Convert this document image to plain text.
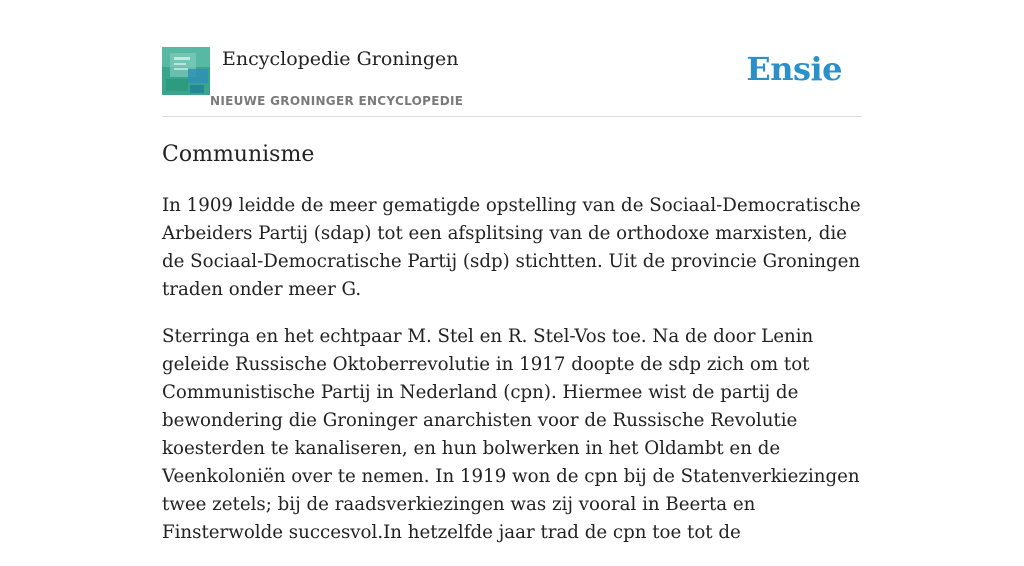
Encyclopedie Groningen
NIEUWE GRONINGER ENCYCLOPEDIE
Ensie
Communisme

In 1909 leidde de meer gematigde opstelling van de Sociaal-Democratische Arbeiders Partij (sdap) tot een afsplitsing van de orthodoxe marxisten, die de Sociaal-Democratische Partij (sdp) stichtten. Uit de provincie Groningen traden onder meer G.

Sterringa en het echtpaar M. Stel en R. Stel-Vos toe. Na de door Lenin geleide Russische Oktoberrevolutie in 1917 doopte de sdp zich om tot Communistische Partij in Nederland (cpn). Hiermee wist de partij de bewondering die Groninger anarchisten voor de Russische Revolutie koesterden te kanaliseren, en hun bolwerken in het Oldambt en de Veenkoloniën over te nemen. In 1919 won de cpn bij de Statenverkiezingen twee zetels; bij de raadsverkiezingen was zij vooral in Beerta en Finsterwolde succesvol.In hetzelfde jaar trad de cpn toe tot de
